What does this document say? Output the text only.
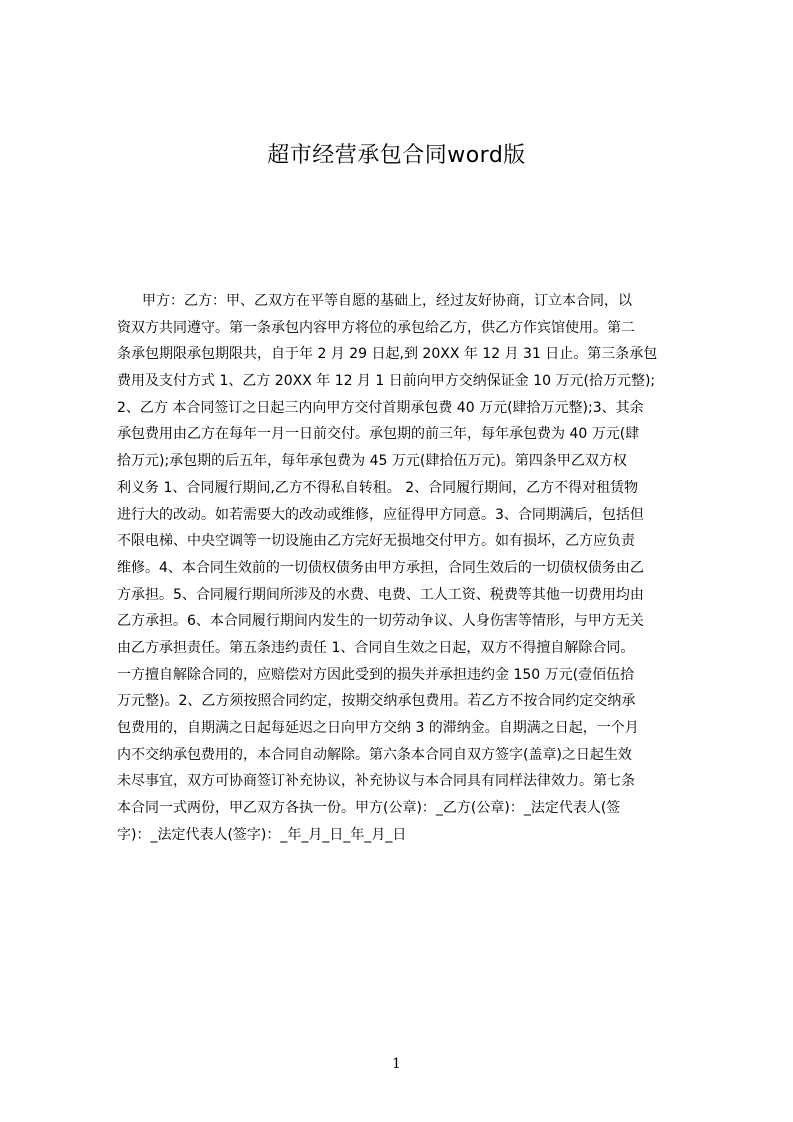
超市经营承包合同word版
甲方：乙方：甲、乙双方在平等自愿的基础上，经过友好协商，订立本合同，以
资双方共同遵守。第一条承包内容甲方将位的承包给乙方，供乙方作宾馆使用。第二
条承包期限承包期限共，自于年 2 月 29 日起,到 20XX 年 12 月 31 日止。第三条承包
费用及支付方式 1、乙方 20XX 年 12 月 1 日前向甲方交纳保证金 10 万元(拾万元整);
2、乙方 本合同签订之日起三内向甲方交付首期承包费 40 万元(肆拾万元整);3、其余
承包费用由乙方在每年一月一日前交付。承包期的前三年，每年承包费为 40 万元(肆
拾万元);承包期的后五年，每年承包费为 45 万元(肆拾伍万元)。第四条甲乙双方权
利义务 1、合同履行期间,乙方不得私自转租。 2、合同履行期间，乙方不得对租赁物
进行大的改动。如若需要大的改动或维修，应征得甲方同意。3、合同期满后，包括但
不限电梯、中央空调等一切设施由乙方完好无损地交付甲方。如有损坏，乙方应负责
维修。4、本合同生效前的一切债权债务由甲方承担，合同生效后的一切债权债务由乙
方承担。5、合同履行期间所涉及的水费、电费、工人工资、税费等其他一切费用均由
乙方承担。6、本合同履行期间内发生的一切劳动争议、人身伤害等情形，与甲方无关
由乙方承担责任。第五条违约责任 1、合同自生效之日起，双方不得擅自解除合同。
一方擅自解除合同的，应赔偿对方因此受到的损失并承担违约金 150 万元(壹佰伍拾
万元整)。2、乙方须按照合同约定，按期交纳承包费用。若乙方不按合同约定交纳承
包费用的，自期满之日起每延迟之日向甲方交纳 3 的滞纳金。自期满之日起，一个月
内不交纳承包费用的，本合同自动解除。第六条本合同自双方签字(盖章)之日起生效
未尽事宜，双方可协商签订补充协议，补充协议与本合同具有同样法律效力。第七条
本合同一式两份，甲乙双方各执一份。甲方(公章)：_乙方(公章)：_法定代表人(签
字)：_法定代表人(签字)：_年_月_日_年_月_日
1
